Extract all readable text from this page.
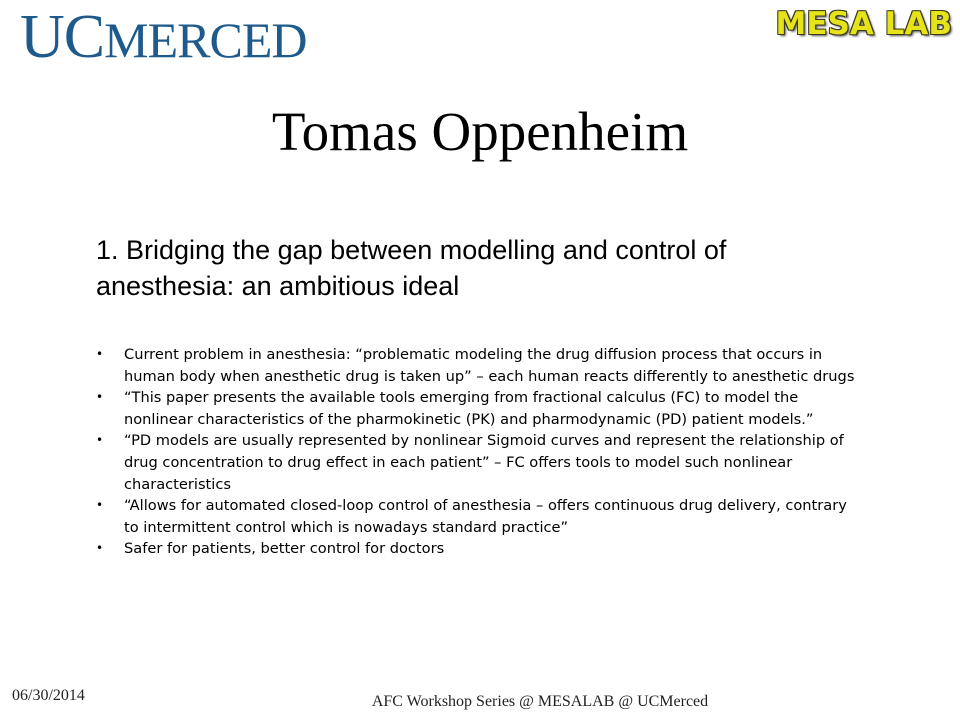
UCMERCED	MESA LAB
Tomas Oppenheim
1. Bridging the gap between modelling and control of anesthesia: an ambitious ideal
• Current problem in anesthesia: “problematic modeling the drug diffusion process that occurs in human body when anesthetic drug is taken up” – each human reacts differently to anesthetic drugs
• “This paper presents the available tools emerging from fractional calculus (FC) to model the nonlinear characteristics of the pharmokinetic (PK) and pharmodynamic (PD) patient models.”
• “PD models are usually represented by nonlinear Sigmoid curves and represent the relationship of drug concentration to drug effect in each patient” – FC offers tools to model such nonlinear characteristics
• “Allows for automated closed-loop control of anesthesia – offers continuous drug delivery, contrary to intermittent control which is nowadays standard practice”
• Safer for patients, better control for doctors
06/30/2014	AFC Workshop Series @ MESALAB @ UCMerced
